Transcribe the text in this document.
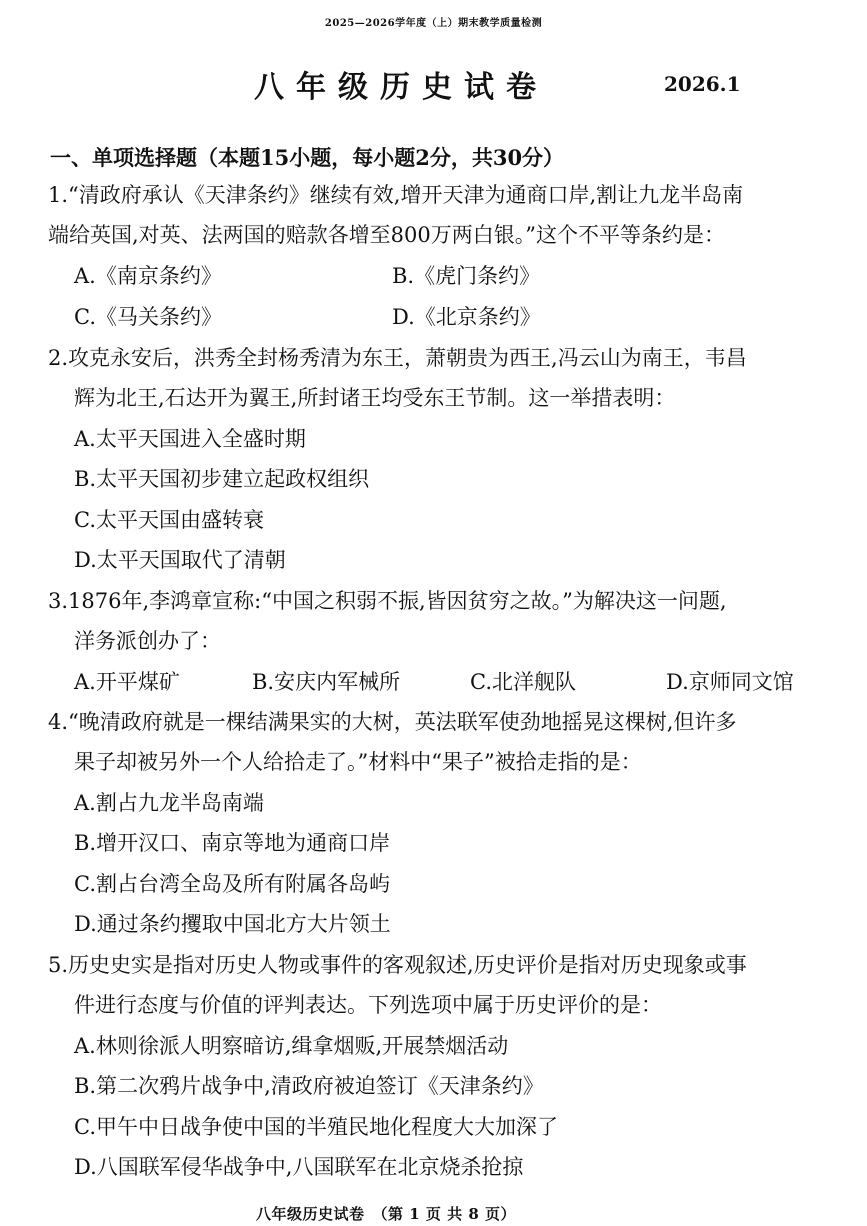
2025—2026学年度（上）期末教学质量检测
八年级历史试卷	2026.1
一、单项选择题（本题15小题，每小题2分，共30分）
1.“清政府承认《天津条约》继续有效,增开天津为通商口岸,割让九龙半岛南
端给英国,对英、法两国的赔款各增至800万两白银。”这个不平等条约是：
A.《南京条约》	B.《虎门条约》
C.《马关条约》	D.《北京条约》
2.攻克永安后，洪秀全封杨秀清为东王，萧朝贵为西王,冯云山为南王，韦昌
辉为北王,石达开为翼王,所封诸王均受东王节制。这一举措表明：
A.太平天国进入全盛时期
B.太平天国初步建立起政权组织
C.太平天国由盛转衰
D.太平天国取代了清朝
3.1876年,李鸿章宣称:“中国之积弱不振,皆因贫穷之故。”为解决这一问题,
洋务派创办了：
A.开平煤矿	B.安庆内军械所	C.北洋舰队	D.京师同文馆
4.“晚清政府就是一棵结满果实的大树，英法联军使劲地摇晃这棵树,但许多
果子却被另外一个人给拾走了。”材料中“果子”被拾走指的是：
A.割占九龙半岛南端
B.增开汉口、南京等地为通商口岸
C.割占台湾全岛及所有附属各岛屿
D.通过条约攫取中国北方大片领土
5.历史史实是指对历史人物或事件的客观叙述,历史评价是指对历史现象或事
件进行态度与价值的评判表达。下列选项中属于历史评价的是：
A.林则徐派人明察暗访,缉拿烟贩,开展禁烟活动
B.第二次鸦片战争中,清政府被迫签订《天津条约》
C.甲午中日战争使中国的半殖民地化程度大大加深了
D.八国联军侵华战争中,八国联军在北京烧杀抢掠
八年级历史试卷　（第 1 页 共 8 页）
